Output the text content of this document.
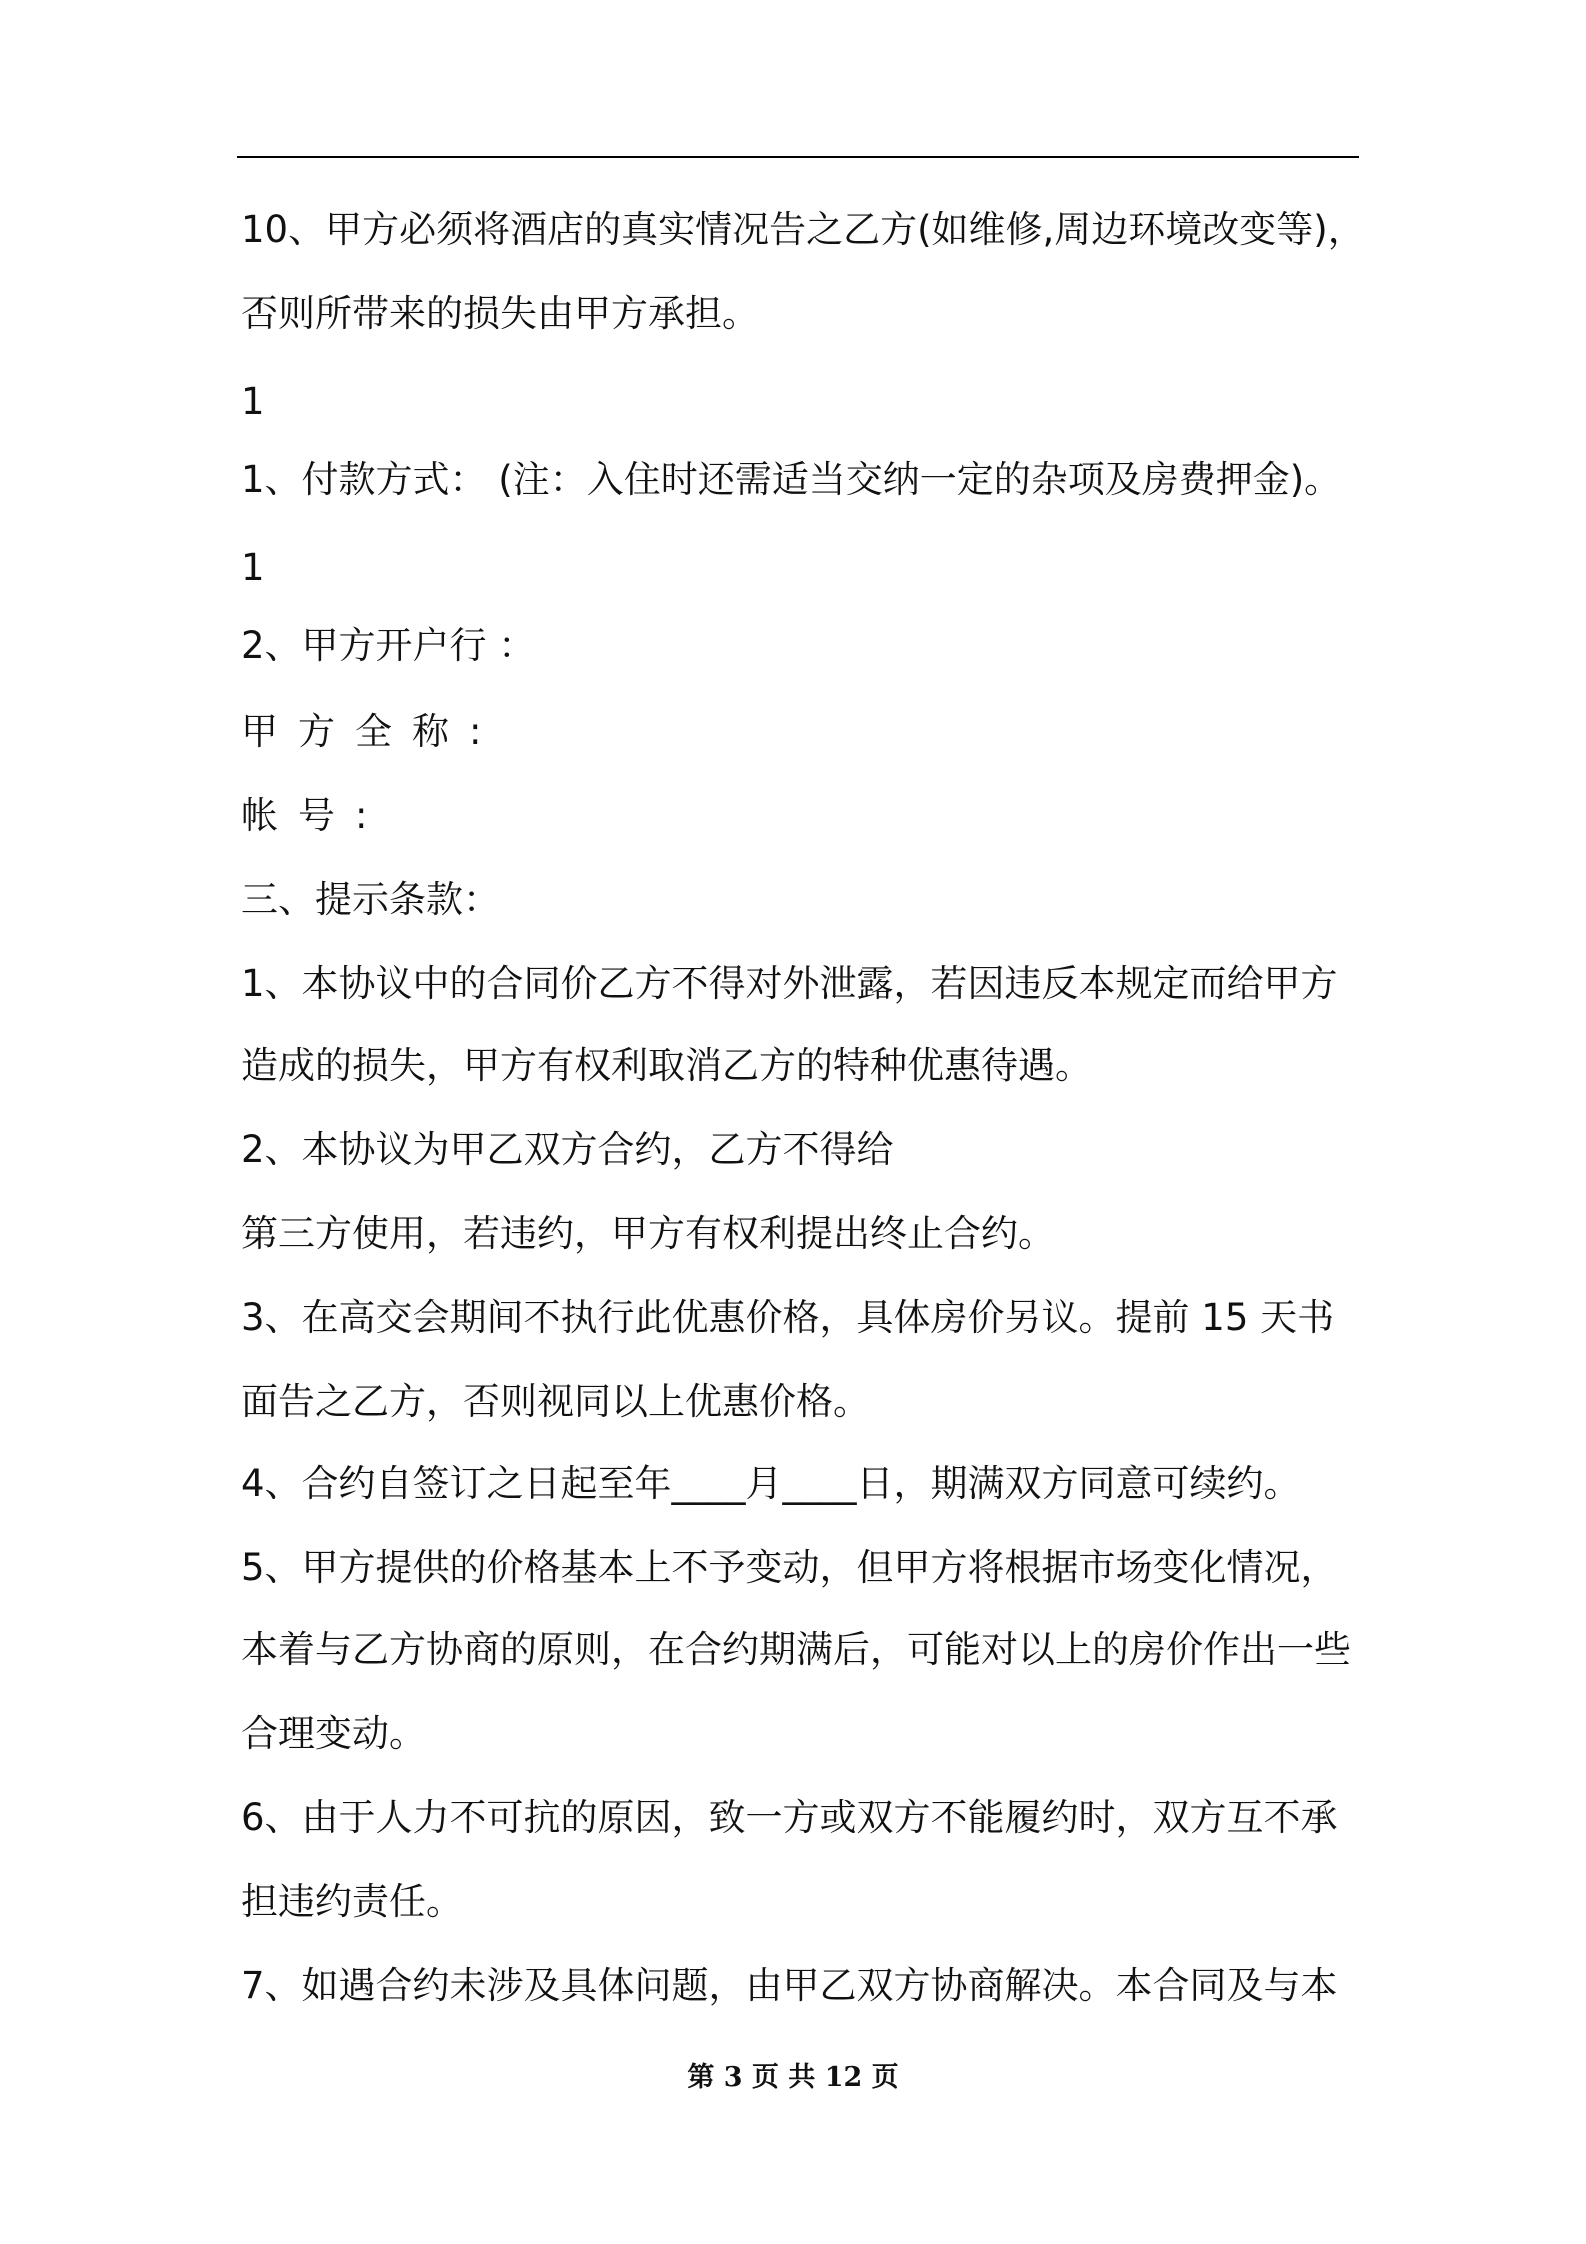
10、甲方必须将酒店的真实情况告之乙方(如维修,周边环境改变等)，
否则所带来的损失由甲方承担。
1
1、付款方式： (注：入住时还需适当交纳一定的杂项及房费押金)。
1
2、甲方开户行 ：
甲方全称:
帐号:
三、提示条款：
1、本协议中的合同价乙方不得对外泄露，若因违反本规定而给甲方
造成的损失，甲方有权利取消乙方的特种优惠待遇。
2、本协议为甲乙双方合约，乙方不得给
第三方使用，若违约，甲方有权利提出终止合约。
3、在高交会期间不执行此优惠价格，具体房价另议。提前 15 天书
面告之乙方，否则视同以上优惠价格。
4、合约自签订之日起至年____月____日，期满双方同意可续约。
5、甲方提供的价格基本上不予变动，但甲方将根据市场变化情况，
本着与乙方协商的原则，在合约期满后，可能对以上的房价作出一些
合理变动。
6、由于人力不可抗的原因，致一方或双方不能履约时，双方互不承
担违约责任。
7、如遇合约未涉及具体问题，由甲乙双方协商解决。本合同及与本
第 3 页 共 12 页
